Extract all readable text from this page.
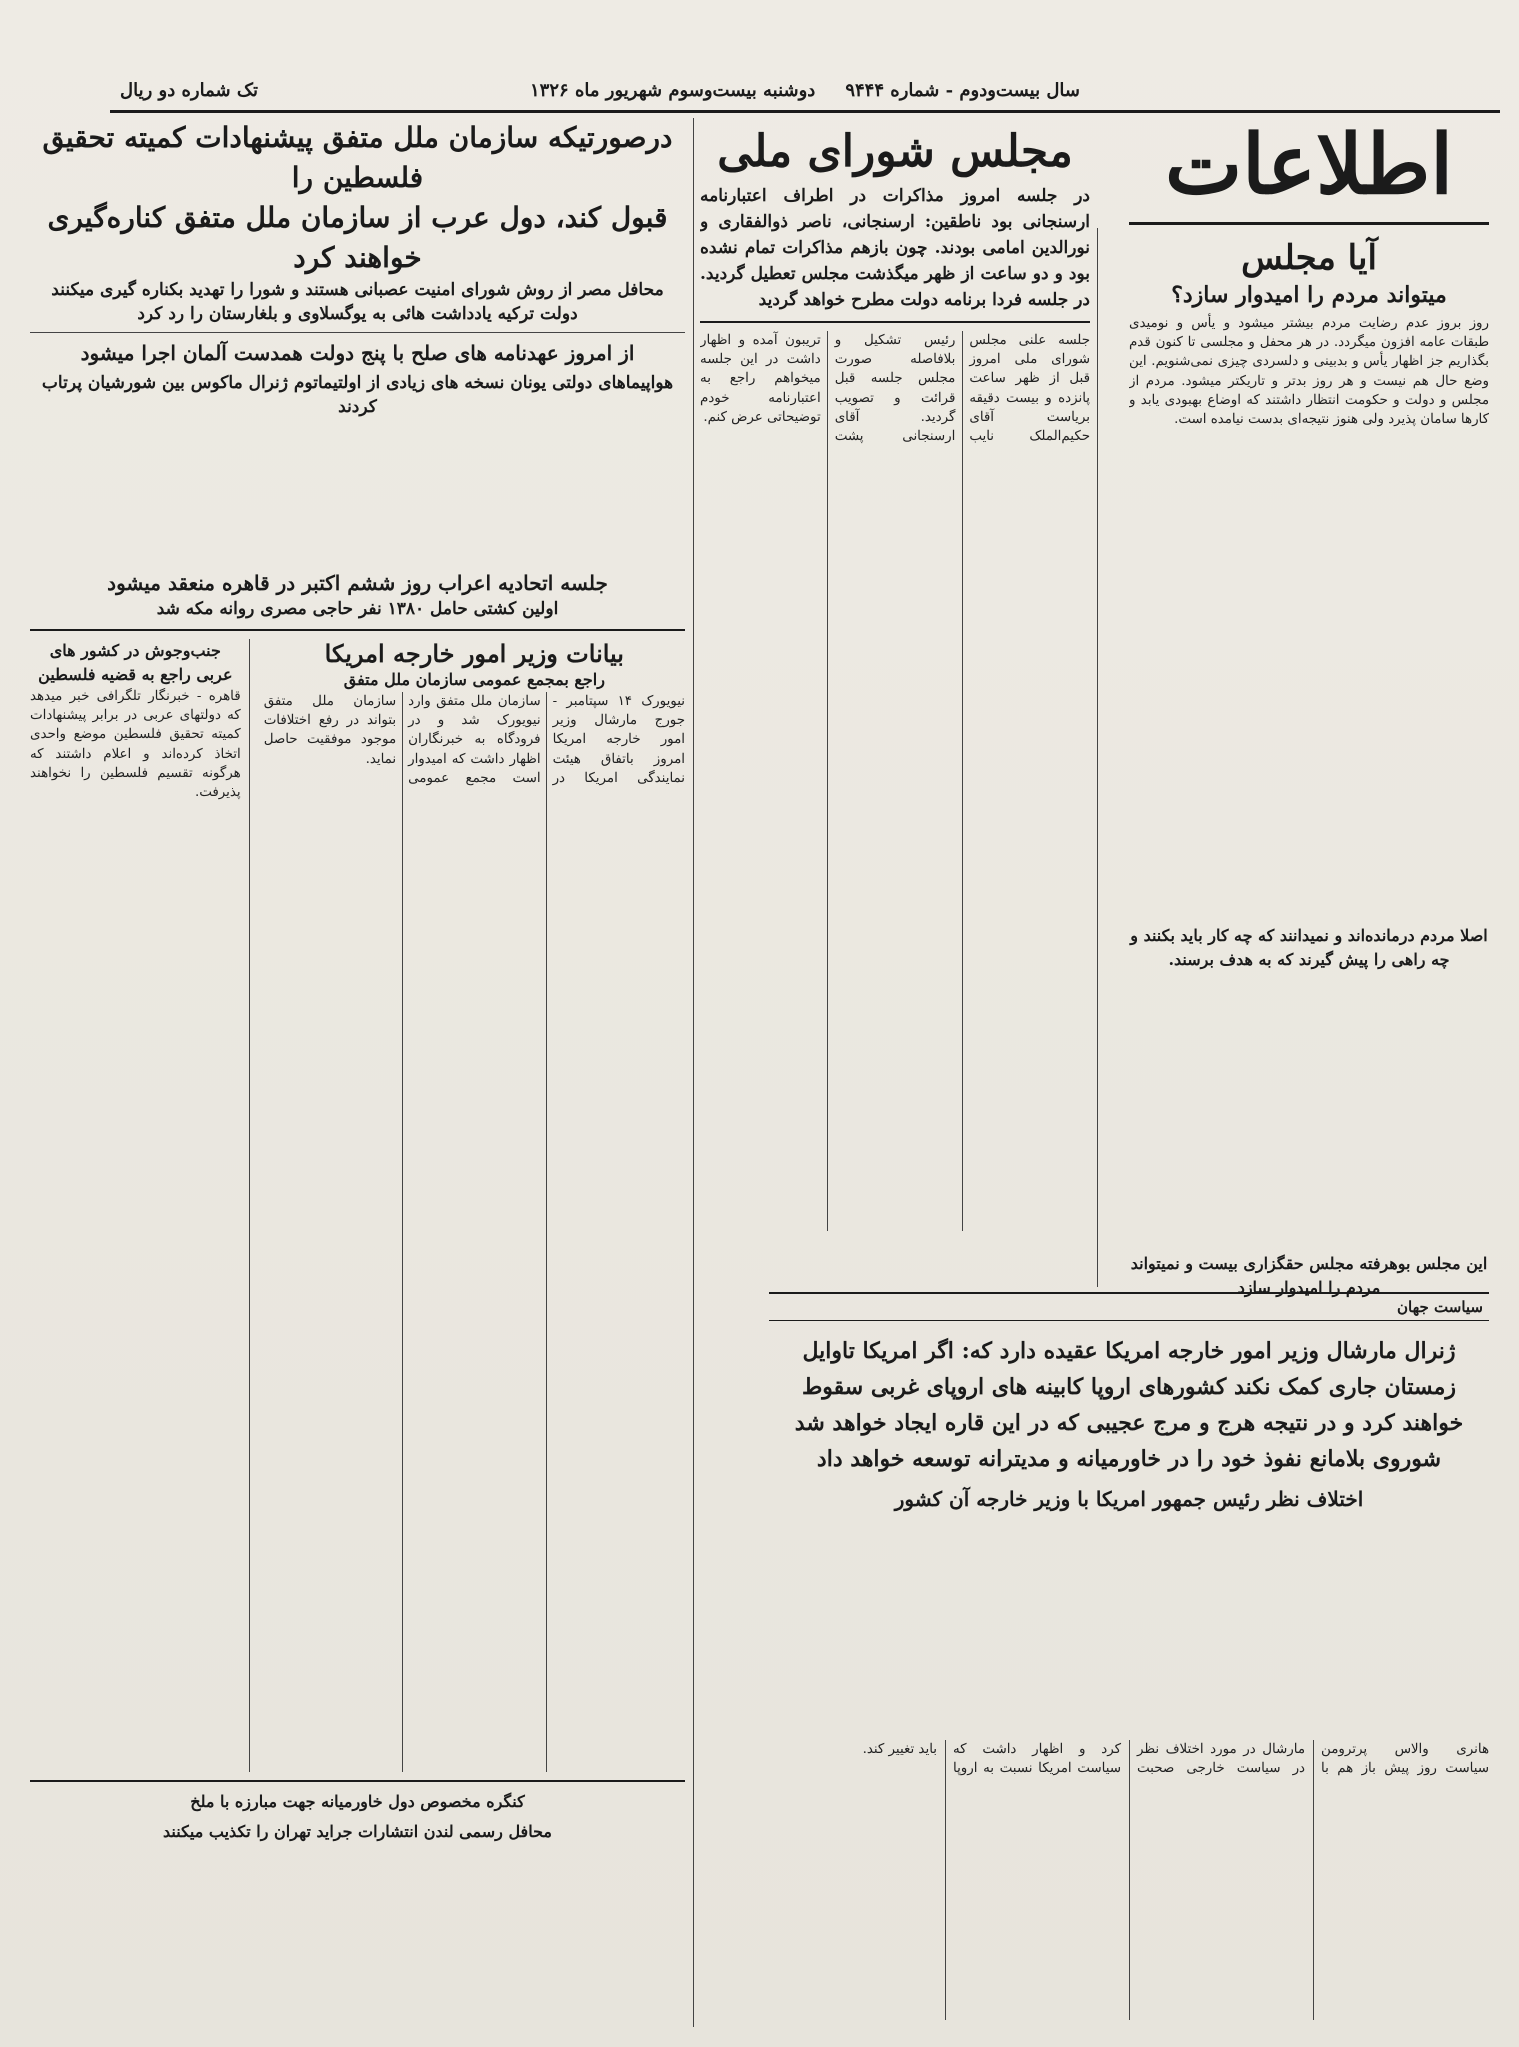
سال بیست‌ودوم - شماره ۹۴۴۴
دوشنبه بیست‌وسوم شهریور ماه ۱۳۲۶
تک شماره دو ریال
اطلاعات
آیا مجلس
میتواند مردم را امیدوار سازد؟
روز بروز عدم رضایت مردم بیشتر میشود و یأس و نومیدی طبقات عامه افزون میگردد. در هر محفل و مجلسی تا کنون قدم بگذاریم جز اظهار یأس و بدبینی و دلسردی چیزی نمی‌شنویم. این وضع حال هم نیست و هر روز بدتر و تاریکتر میشود. مردم از مجلس و دولت و حکومت انتظار داشتند که اوضاع بهبودی یابد و کارها سامان پذیرد ولی هنوز نتیجه‌ای بدست نیامده است.
اصلا مردم درمانده‌اند و نمیدانند که چه کار باید بکنند و چه راهی را پیش گیرند که به هدف برسند.
این مجلس بوهرفته مجلس حقگزاری بیست و نمیتواند مردم را امیدوار سازد
سیاست جهان
ژنرال مارشال وزیر امور خارجه امریکا عقیده دارد که: اگر امریکا تاوایل زمستان جاری کمک نکند کشورهای اروپا کابینه های اروپای غربی سقوط خواهند کرد و در نتیجه هرج و مرج عجیبی که در این قاره ایجاد خواهد شد شوروی بلامانع نفوذ خود را در خاورمیانه و مدیترانه توسعه خواهد داد
اختلاف نظر رئیس جمهور امریکا با وزیر خارجه آن کشور
هانری والاس پرترومن سیاست روز پیش باز هم با مارشال در مورد اختلاف نظر در سیاست خارجی صحبت کرد و اظهار داشت که سیاست امریکا نسبت به اروپا باید تغییر کند.
مجلس شورای ملی
در جلسه امروز مذاکرات در اطراف اعتبارنامه ارسنجانی بود ناطقین: ارسنجانی، ناصر ذوالفقاری و نورالدین امامی بودند. چون بازهم مذاکرات تمام نشده بود و دو ساعت از ظهر میگذشت مجلس تعطیل گردید. در جلسه فردا برنامه دولت مطرح خواهد گردید
جلسه علنی مجلس شورای ملی امروز قبل از ظهر ساعت پانزده و بیست دقیقه بریاست آقای حکیم‌الملک نایب رئیس تشکیل و بلافاصله صورت مجلس جلسه قبل قرائت و تصویب گردید. آقای ارسنجانی پشت تریبون آمده و اظهار داشت در این جلسه میخواهم راجع به اعتبارنامه خودم توضیحاتی عرض کنم.
درصورتیکه سازمان ملل متفق پیشنهادات کمیته تحقیق فلسطین را
قبول کند، دول عرب از سازمان ملل متفق کناره‌گیری خواهند کرد
محافل مصر از روش شورای امنیت عصبانی هستند و شورا را تهدید بکناره گیری میکنند
دولت ترکیه یادداشت هائی به یوگسلاوی و بلغارستان را رد کرد
از امروز عهدنامه های صلح با پنج دولت همدست آلمان اجرا میشود
هواپیماهای دولتی یونان نسخه های زیادی از اولتیماتوم ژنرال ماکوس بین شورشیان پرتاب کردند
جلسه اتحادیه اعراب روز ششم اکتبر در قاهره منعقد میشود
اولین کشتی حامل ۱۳۸۰ نفر حاجی مصری روانه مکه شد
بیانات وزیر امور خارجه امریکا
راجع بمجمع عمومی سازمان ملل متفق
نیویورک ۱۴ سپتامبر - جورج مارشال وزیر امور خارجه امریکا امروز باتفاق هیئت نمایندگی امریکا در سازمان ملل متفق وارد نیویورک شد و در فرودگاه به خبرنگاران اظهار داشت که امیدوار است مجمع عمومی سازمان ملل متفق بتواند در رفع اختلافات موجود موفقیت حاصل نماید.
جنب‌وجوش در کشور های عربی راجع به قضیه فلسطین
قاهره - خبرنگار تلگرافی خبر میدهد که دولتهای عربی در برابر پیشنهادات کمیته تحقیق فلسطین موضع واحدی اتخاذ کرده‌اند و اعلام داشتند که هرگونه تقسیم فلسطین را نخواهند پذیرفت.
کنگره مخصوص دول خاورمیانه جهت مبارزه با ملخ
محافل رسمی لندن انتشارات جراید تهران را تکذیب میکنند
